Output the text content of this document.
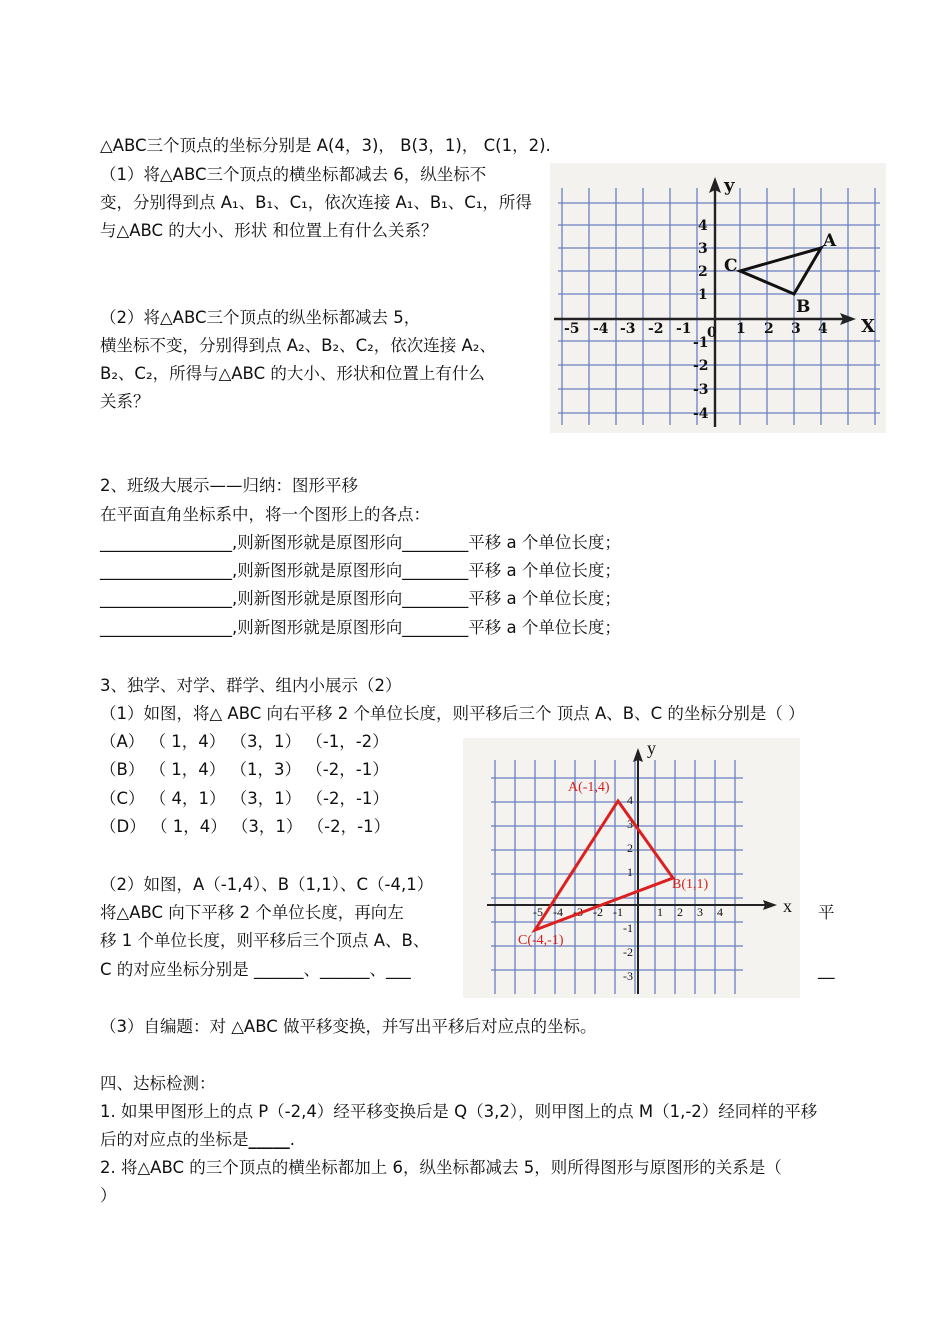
△ABC三个顶点的坐标分别是 A(4，3)， B(3，1)， C(1，2).
（1）将△ABC三个顶点的横坐标都减去 6，纵坐标不
变，分别得到点 A₁、B₁、C₁，依次连接 A₁、B₁、C₁，所得
与△ABC 的大小、形状 和位置上有什么关系？
（2）将△ABC三个顶点的纵坐标都减去 5，
横坐标不变，分别得到点 A₂、B₂、C₂，依次连接 A₂、
B₂、C₂，所得与△ABC 的大小、形状和位置上有什么
关系？
X
y
0
-5 -4 -3 -2 -1	1 2 3 4
4
3
2
1
-1
-2
-3
-4
A
B
C
2、班级大展示——归纳：图形平移
在平面直角坐标系中，将一个图形上的各点：
________________,则新图形就是原图形向________平移 a 个单位长度；
________________,则新图形就是原图形向________平移 a 个单位长度；
________________,则新图形就是原图形向________平移 a 个单位长度；
________________,则新图形就是原图形向________平移 a 个单位长度；
3、独学、对学、群学、组内小展示（2）
（1）如图，将△ ABC 向右平移 2 个单位长度，则平移后三个 顶点 A、B、C 的坐标分别是（ ）
（A） （ 1，4） （3，1） （-1，-2）
（B） （ 1，4） （1，3） （-2，-1）
（C） （ 4，1） （3，1） （-2，-1）
（D） （ 1，4） （3，1） （-2，-1）
（2）如图，A（-1,4）、B（1,1）、C（-4,1）
将△ABC 向下平移 2 个单位长度，再向左
移 1 个单位长度，则平移后三个顶点 A、B、
C 的对应坐标分别是 ______、______、___
平
__
（3）自编题：对 △ABC 做平移变换，并写出平移后对应点的坐标。
x
y
-5 -4 -3 -2 -1	1 2 3 4
4
3
2
1
-1
-2
-3
A(-1,4)
B(1,1)
C(-4,-1)
四、达标检测：
1. 如果甲图形上的点 P（-2,4）经平移变换后是 Q（3,2），则甲图上的点 M（1,-2）经同样的平移
后的对应点的坐标是_____.
2. 将△ABC 的三个顶点的横坐标都加上 6，纵坐标都减去 5，则所得图形与原图形的关系是（
）
